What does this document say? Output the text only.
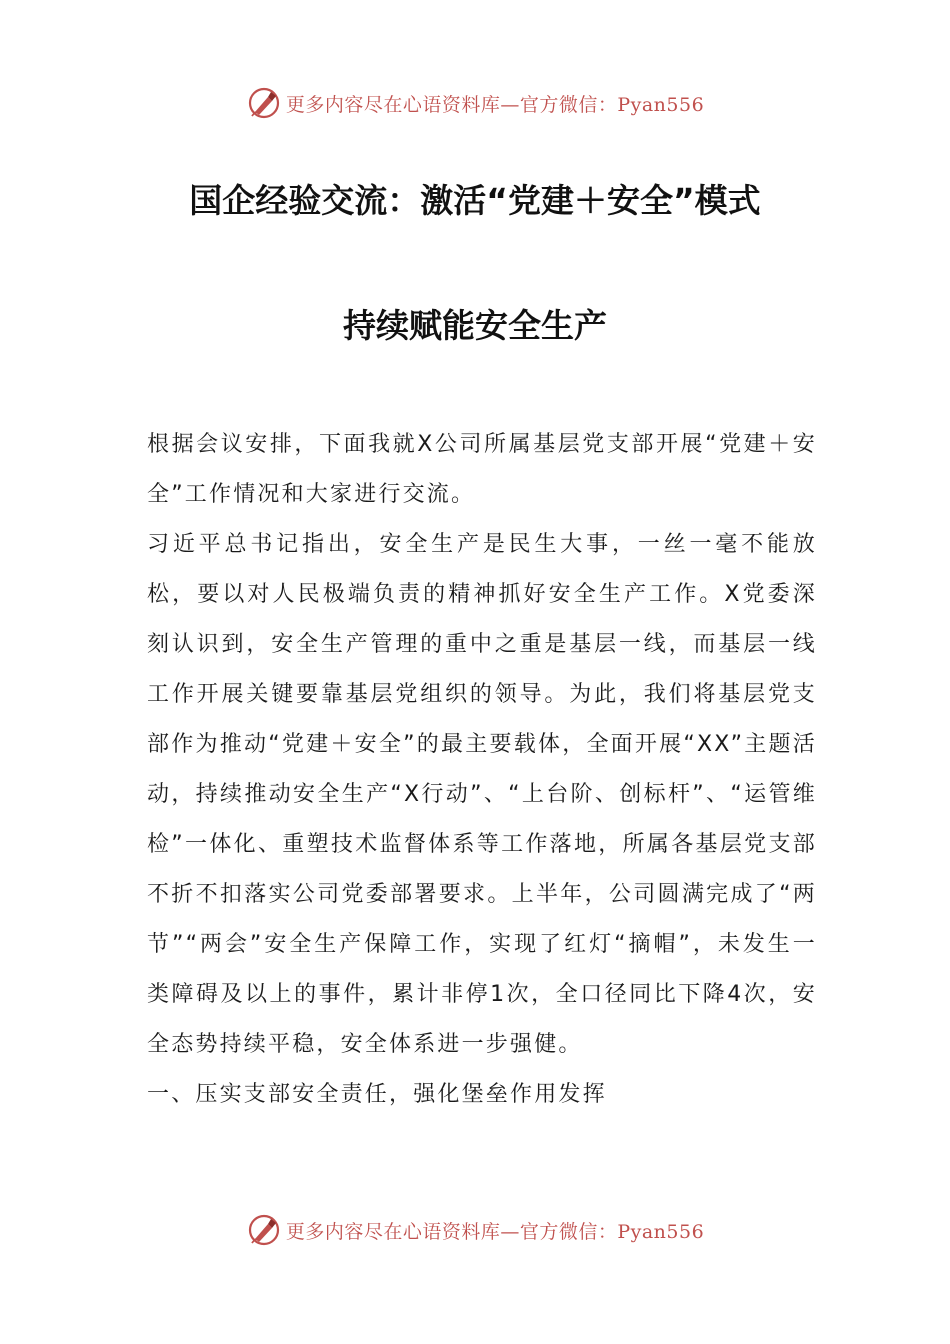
更多内容尽在心语资料库—官方微信：Pyan556
国企经验交流：激活“党建＋安全”模式
持续赋能安全生产

根据会议安排，下面我就X公司所属基层党支部开展“党建＋安全”工作情况和大家进行交流。

习近平总书记指出，安全生产是民生大事，一丝一毫不能放松，要以对人民极端负责的精神抓好安全生产工作。X党委深刻认识到，安全生产管理的重中之重是基层一线，而基层一线工作开展关键要靠基层党组织的领导。为此，我们将基层党支部作为推动“党建＋安全”的最主要载体，全面开展“XX”主题活动，持续推动安全生产“X行动”、“上台阶、创标杆”、“运管维检”一体化、重塑技术监督体系等工作落地，所属各基层党支部不折不扣落实公司党委部署要求。上半年，公司圆满完成了“两节”“两会”安全生产保障工作，实现了红灯“摘帽”，未发生一类障碍及以上的事件，累计非停1次，全口径同比下降4次，安全态势持续平稳，安全体系进一步强健。

一、压实支部安全责任，强化堡垒作用发挥

更多内容尽在心语资料库—官方微信：Pyan556
